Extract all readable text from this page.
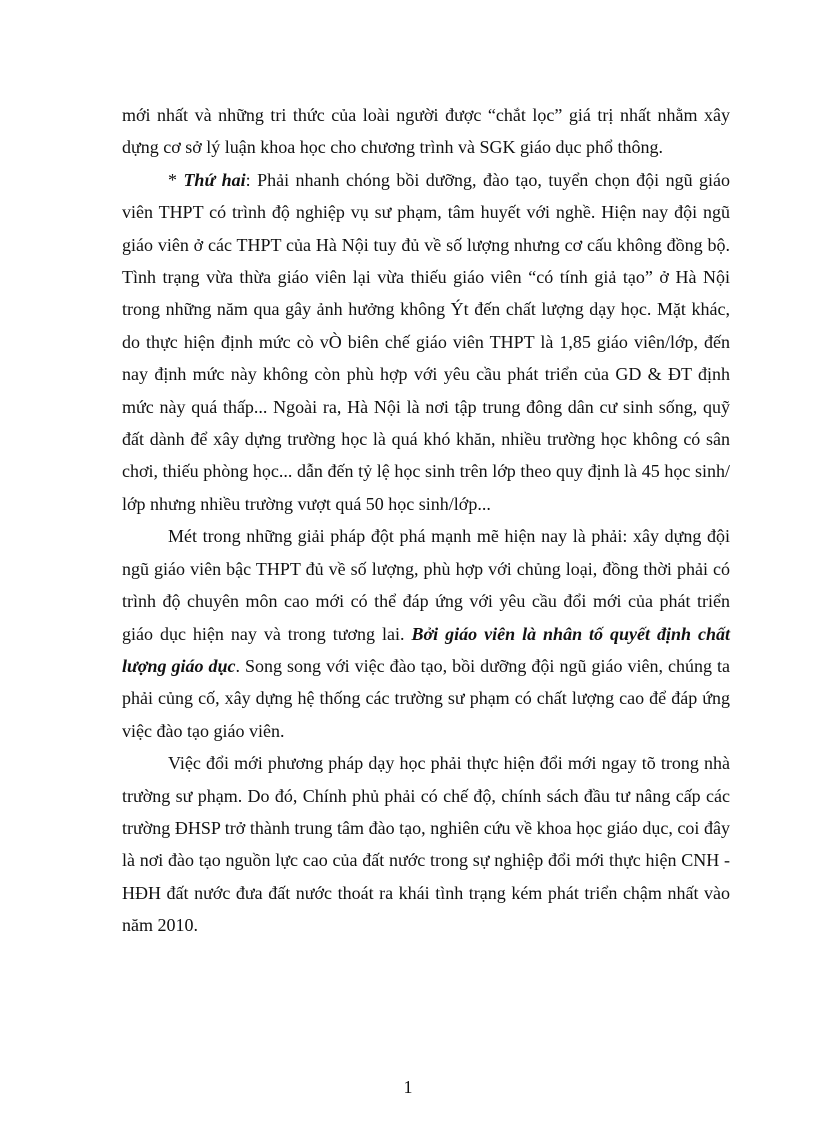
mới nhất và những tri thức của loài người được “chắt lọc” giá trị nhất nhằm xây dựng cơ sở lý luận khoa học cho chương trình và SGK giáo dục phổ thông.

* Thứ hai: Phải nhanh chóng bồi dưỡng, đào tạo, tuyển chọn đội ngũ giáo viên THPT có trình độ nghiệp vụ sư phạm, tâm huyết với nghề. Hiện nay đội ngũ giáo viên ở các THPT của Hà Nội tuy đủ về số lượng nhưng cơ cấu không đồng bộ. Tình trạng vừa thừa giáo viên lại vừa thiếu giáo viên “có tính giả tạo” ở Hà Nội trong những năm qua gây ảnh hưởng không Ýt đến chất lượng dạy học. Mặt khác, do thực hiện định mức cò vÒ biên chế giáo viên THPT là 1,85 giáo viên/lớp, đến nay định mức này không còn phù hợp với yêu cầu phát triển của GD & ĐT định mức này quá thấp... Ngoài ra, Hà Nội là nơi tập trung đông dân cư sinh sống, quỹ đất dành để xây dựng trường học là quá khó khăn, nhiều trường học không có sân chơi, thiếu phòng học... dẫn đến tỷ lệ học sinh trên lớp theo quy định là 45 học sinh/ lớp nhưng nhiều trường vượt quá 50 học sinh/lớp...

Mét trong những giải pháp đột phá mạnh mẽ hiện nay là phải: xây dựng đội ngũ giáo viên bậc THPT đủ về số lượng, phù hợp với chủng loại, đồng thời phải có trình độ chuyên môn cao mới có thể đáp ứng với yêu cầu đổi mới của phát triển giáo dục hiện nay và trong tương lai. Bởi giáo viên là nhân tố quyết định chất lượng giáo dục. Song song với việc đào tạo, bồi dưỡng đội ngũ giáo viên, chúng ta phải củng cố, xây dựng hệ thống các trường sư phạm có chất lượng cao để đáp ứng việc đào tạo giáo viên.

Việc đổi mới phương pháp dạy học phải thực hiện đổi mới ngay tõ trong nhà trường sư phạm. Do đó, Chính phủ phải có chế độ, chính sách đầu tư nâng cấp các trường ĐHSP trở thành trung tâm đào tạo, nghiên cứu về khoa học giáo dục, coi đây là nơi đào tạo nguồn lực cao của đất nước trong sự nghiệp đổi mới thực hiện CNH - HĐH đất nước đưa đất nước thoát ra khái tình trạng kém phát triển chậm nhất vào năm 2010.

1
